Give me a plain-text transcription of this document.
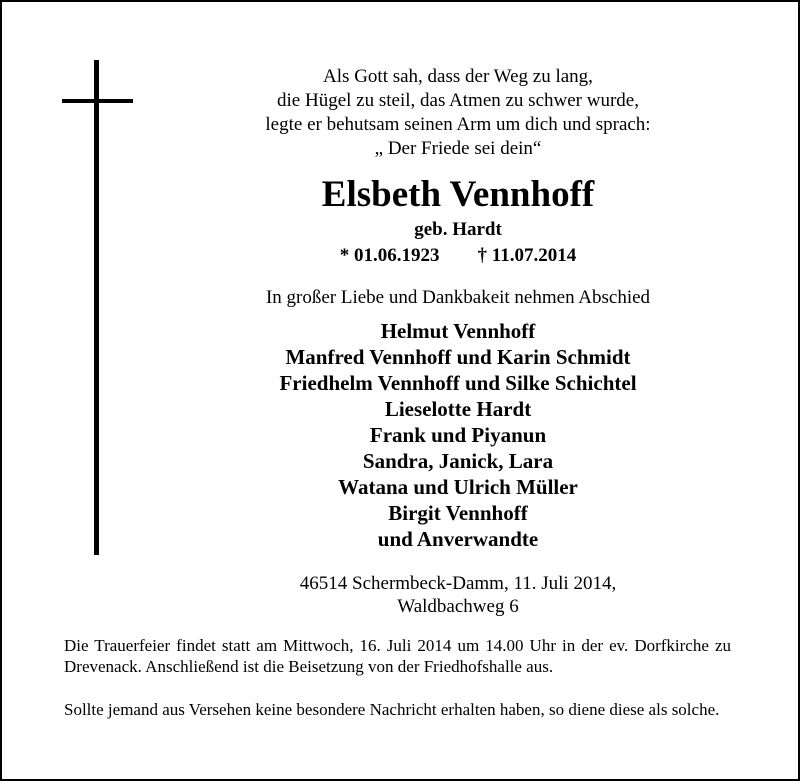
Als Gott sah, dass der Weg zu lang,
die Hügel zu steil, das Atmen zu schwer wurde,
legte er behutsam seinen Arm um dich und sprach:
„ Der Friede sei dein“
Elsbeth Vennhoff
geb. Hardt
* 01.06.1923 † 11.07.2014
In großer Liebe und Dankbakeit nehmen Abschied
Helmut Vennhoff
Manfred Vennhoff und Karin Schmidt
Friedhelm Vennhoff und Silke Schichtel
Lieselotte Hardt
Frank und Piyanun
Sandra, Janick, Lara
Watana und Ulrich Müller
Birgit Vennhoff
und Anverwandte
46514 Schermbeck-Damm, 11. Juli 2014,
Waldbachweg 6
Die Trauerfeier findet statt am Mittwoch, 16. Juli 2014 um 14.00 Uhr in der ev. Dorfkirche zu Drevenack. Anschließend ist die Beisetzung von der Friedhofshalle aus.
Sollte jemand aus Versehen keine besondere Nachricht erhalten haben, so diene diese als solche.
